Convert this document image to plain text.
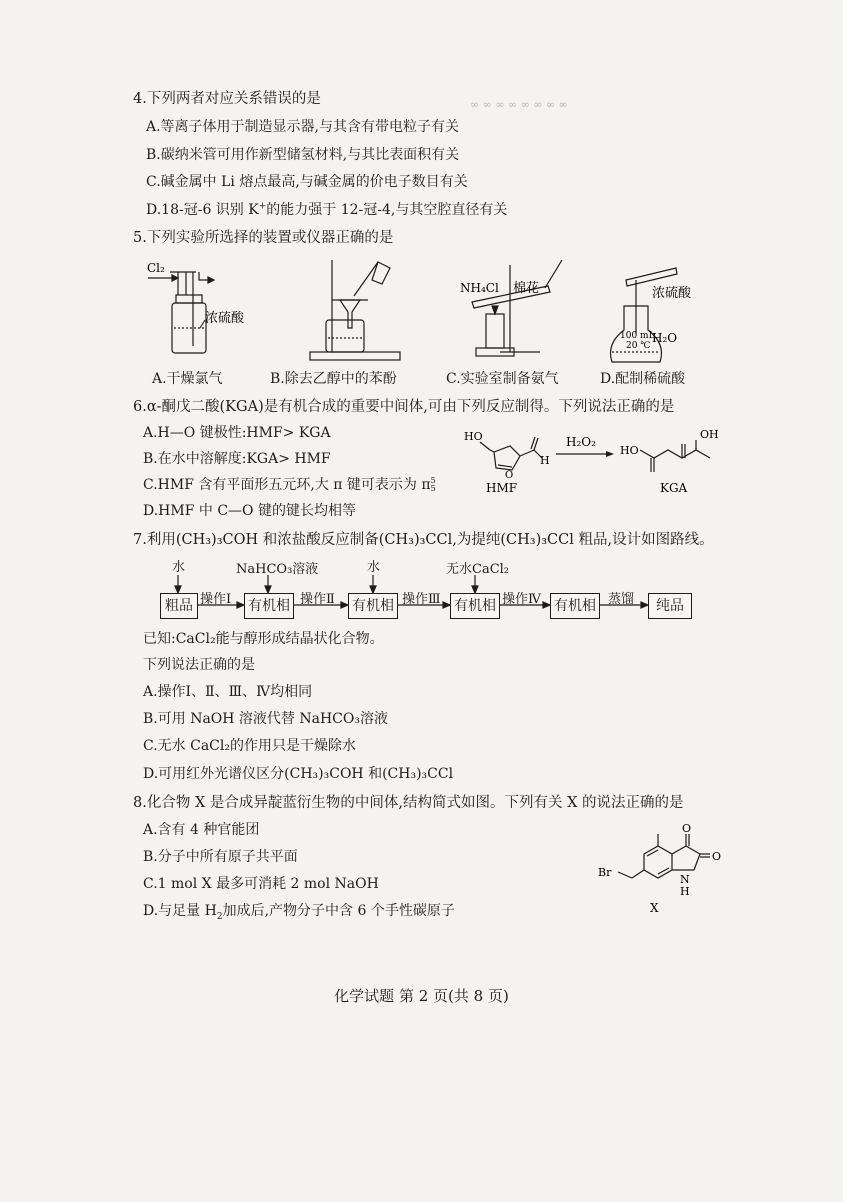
∞ ∞ ∞ ∞ ∞ ∞ ∞ ∞
4.下列两者对应关系错误的是
A.等离子体用于制造显示器,与其含有带电粒子有关
B.碳纳米管可用作新型储氢材料,与其比表面积有关
C.碱金属中 Li 熔点最高,与碱金属的价电子数目有关
D.18-冠-6 识别 K+的能力强于 12-冠-4,与其空腔直径有关
5.下列实验所选择的装置或仪器正确的是
Cl₂
浓硫酸
NH₄Cl 棉花	浓硫酸
100 mL
20 ℃
H₂O
A.干燥氯气	B.除去乙醇中的苯酚	C.实验室制备氨气	D.配制稀硫酸
6.α-酮戊二酸(KGA)是有机合成的重要中间体,可由下列反应制得。下列说法正确的是
A.H—O 键极性:HMF> KGA
B.在水中溶解度:KGA> HMF
C.HMF 含有平面形五元环,大 π 键可表示为 π 5
5
D.HMF 中 C—O 键的键长均相等
HO
O
H
HMF
H₂O₂
HO
OH
KGA
7.利用(CH₃)₃COH 和浓盐酸反应制备(CH₃)₃CCl,为提纯(CH₃)₃CCl 粗品,设计如图路线。
水	NaHCO₃溶液	水	无水CaCl₂
粗品	有机相	有机相	有机相	有机相	纯品
操作Ⅰ	操作Ⅱ	操作Ⅲ	操作Ⅳ	蒸馏
已知:CaCl₂能与醇形成结晶状化合物。
下列说法正确的是
A.操作Ⅰ、Ⅱ、Ⅲ、Ⅳ均相同
B.可用 NaOH 溶液代替 NaHCO₃溶液
C.无水 CaCl₂的作用只是干燥除水
D.可用红外光谱仪区分(CH₃)₃COH 和(CH₃)₃CCl
8.化合物 X 是合成异靛蓝衍生物的中间体,结构简式如图。下列有关 X 的说法正确的是
A.含有 4 种官能团
B.分子中所有原子共平面
C.1 mol X 最多可消耗 2 mol NaOH
D.与足量 $H_2$加成后,产物分子中含 6 个手性碳原子
O
O
N
H
Br
X
化学试题 第 2 页(共 8 页)
